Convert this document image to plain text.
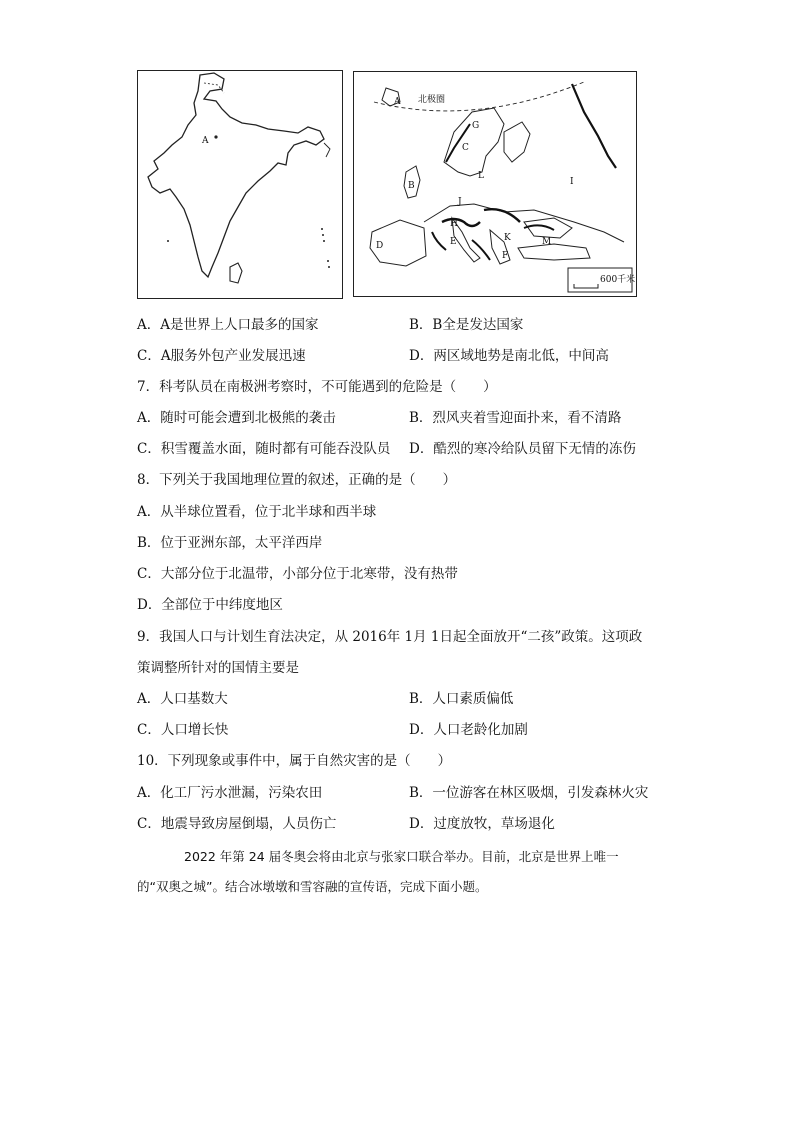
A
北极圈
A
G
C
B
L
I
J
H
K	M
D	E
F
600千米
A．A是世界上人口最多的国家	B．B全是发达国家
C．A服务外包产业发展迅速	D．两区域地势是南北低，中间高
7．科考队员在南极洲考察时，不可能遇到的危险是（　　）
A．随时可能会遭到北极熊的袭击	B．烈风夹着雪迎面扑来，看不清路
C．积雪覆盖水面，随时都有可能吞没队员 D．酷烈的寒冷给队员留下无情的冻伤
8．下列关于我国地理位置的叙述，正确的是（　　）
A．从半球位置看，位于北半球和西半球
B．位于亚洲东部，太平洋西岸
C．大部分位于北温带，小部分位于北寒带，没有热带
D．全部位于中纬度地区
9．我国人口与计划生育法决定，从 2016年 1月 1日起全面放开“二孩”政策。这项政
策调整所针对的国情主要是
A．人口基数大	B．人口素质偏低
C．人口增长快	D．人口老龄化加剧
10．下列现象或事件中，属于自然灾害的是（　　）
A．化工厂污水泄漏，污染农田	B．一位游客在林区吸烟，引发森林火灾
C．地震导致房屋倒塌，人员伤亡	D．过度放牧，草场退化
2022 年第 24 届冬奥会将由北京与张家口联合举办。目前，北京是世界上唯一
的“双奥之城”。结合冰墩墩和雪容融的宣传语，完成下面小题。
